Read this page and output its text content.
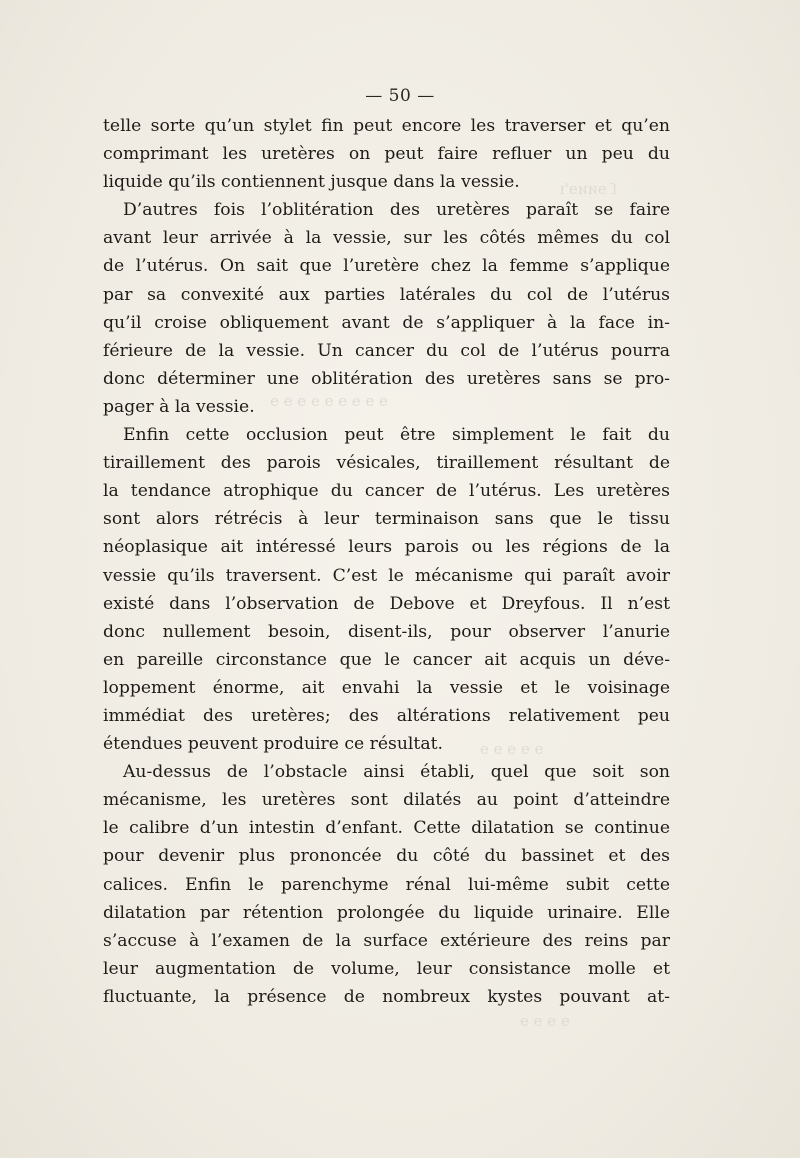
ſ ɘᴎᴎɘ'ı
ɘ ɘ ɘ ɘ ɘ ɘ ɘ ɘ ɘ
ɘ ɘ ɘ ɘ ɘ
ɘ ɘ ɘ ɘ
— 50 —
telle sorte qu’un stylet fin peut encore les traverser et qu’en
comprimant les uretères on peut faire refluer un peu du
liquide qu’ils contiennent jusque dans la vessie.
D’autres fois l’oblitération des uretères paraît se faire
avant leur arrivée à la vessie, sur les côtés mêmes du col
de l’utérus. On sait que l’uretère chez la femme s’applique
par sa convexité aux parties latérales du col de l’utérus
qu’il croise obliquement avant de s’appliquer à la face in-
férieure de la vessie. Un cancer du col de l’utérus pourra
donc déterminer une oblitération des uretères sans se pro-
pager à la vessie.
Enfin cette occlusion peut être simplement le fait du
tiraillement des parois vésicales, tiraillement résultant de
la tendance atrophique du cancer de l’utérus. Les uretères
sont alors rétrécis à leur terminaison sans que le tissu
néoplasique ait intéressé leurs parois ou les régions de la
vessie qu’ils traversent. C’est le mécanisme qui paraît avoir
existé dans l’observation de Debove et Dreyfous. Il n’est
donc nullement besoin, disent-ils, pour observer l’anurie
en pareille circonstance que le cancer ait acquis un déve-
loppement énorme, ait envahi la vessie et le voisinage
immédiat des uretères; des altérations relativement peu
étendues peuvent produire ce résultat.
Au-dessus de l’obstacle ainsi établi, quel que soit son
mécanisme, les uretères sont dilatés au point d’atteindre
le calibre d’un intestin d’enfant. Cette dilatation se continue
pour devenir plus prononcée du côté du bassinet et des
calices. Enfin le parenchyme rénal lui-même subit cette
dilatation par rétention prolongée du liquide urinaire. Elle
s’accuse à l’examen de la surface extérieure des reins par
leur augmentation de volume, leur consistance molle et
fluctuante, la présence de nombreux kystes pouvant at-
